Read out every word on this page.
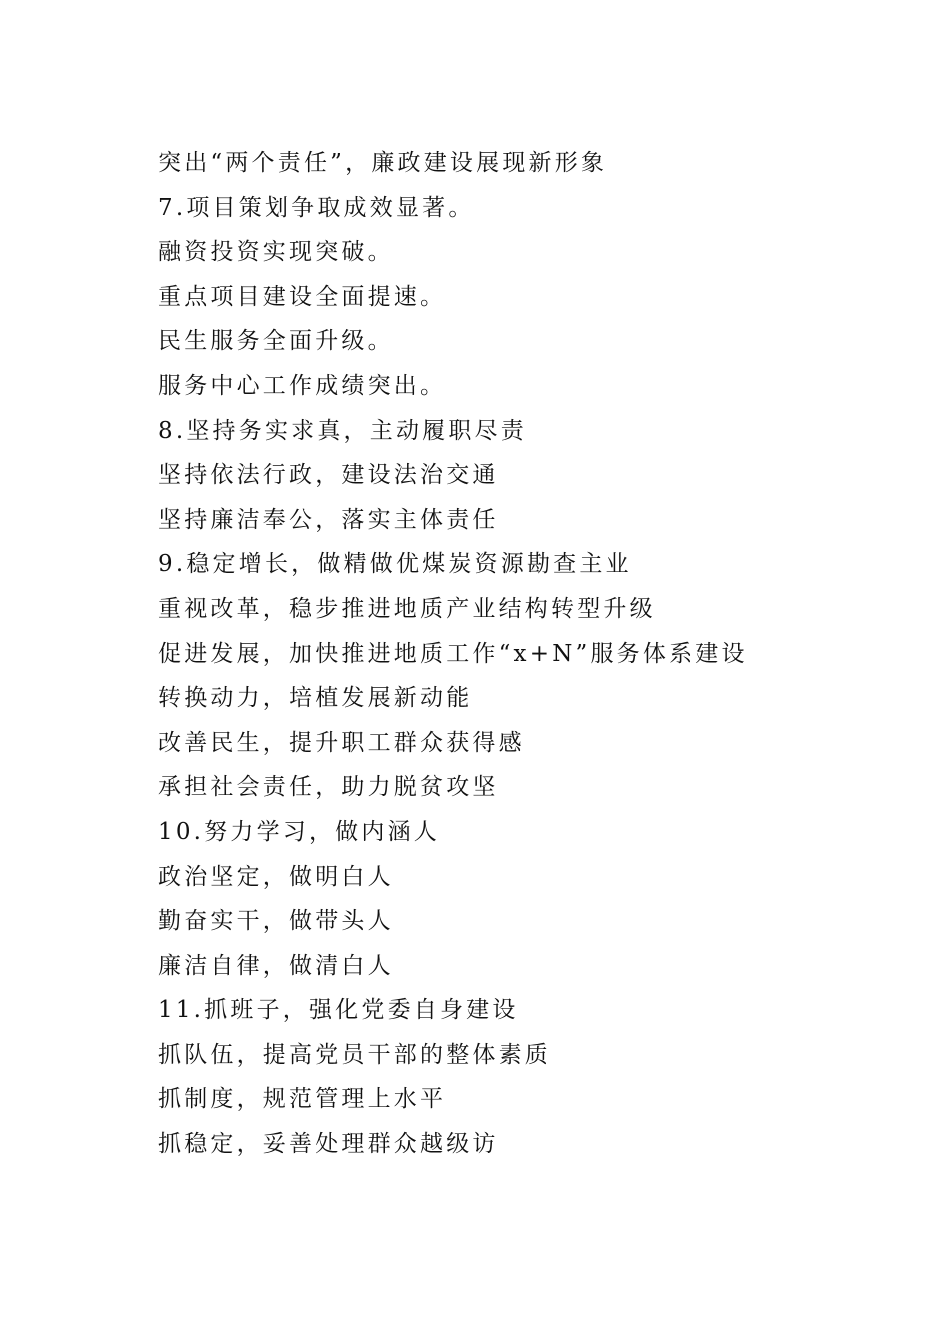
突出“两个责任”，廉政建设展现新形象
7.项目策划争取成效显著。
融资投资实现突破。
重点项目建设全面提速。
民生服务全面升级。
服务中心工作成绩突出。
8.坚持务实求真，主动履职尽责
坚持依法行政，建设法治交通
坚持廉洁奉公，落实主体责任
9.稳定增长，做精做优煤炭资源勘查主业
重视改革，稳步推进地质产业结构转型升级
促进发展，加快推进地质工作“x+N”服务体系建设
转换动力，培植发展新动能
改善民生，提升职工群众获得感
承担社会责任，助力脱贫攻坚
10.努力学习，做内涵人
政治坚定，做明白人
勤奋实干，做带头人
廉洁自律，做清白人
11.抓班子，强化党委自身建设
抓队伍，提高党员干部的整体素质
抓制度，规范管理上水平
抓稳定，妥善处理群众越级访
